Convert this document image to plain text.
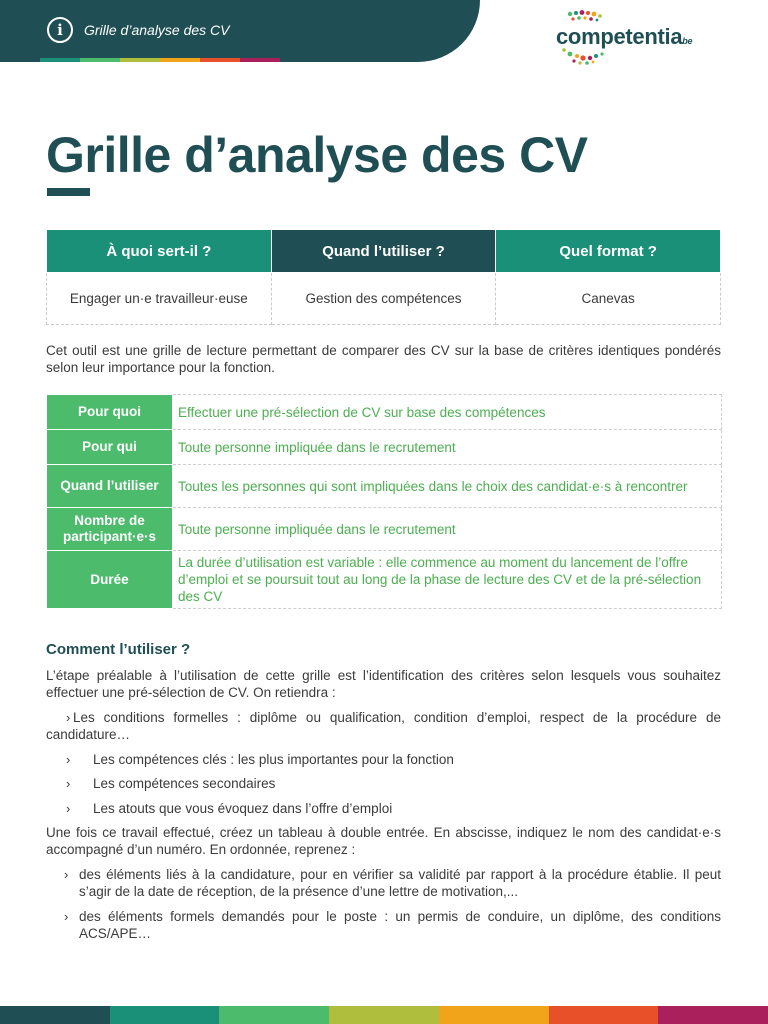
i	Grille d’analyse des CV	competentiabe
Grille d’analyse des CV
À quoi sert-il ?	Quand l’utiliser ?	Quel format ?
Engager un·e travailleur·euse	Gestion des compétences	Canevas

Cet outil est une grille de lecture permettant de comparer des CV sur la base de critères identiques pondérés selon leur importance pour la fonction.

Pour quoi	Effectuer une pré-sélection de CV sur base des compétences
Pour qui	Toute personne impliquée dans le recrutement
Quand l’utiliser	Toutes les personnes qui sont impliquées dans le choix des candidat·e·s à rencontrer
Nombre de participant·e·s	Toute personne impliquée dans le recrutement
Durée	La durée d’utilisation est variable : elle commence au moment du lancement de l’offre d’emploi et se poursuit tout au long de la phase de lecture des CV et de la pré-sélection des CV
Comment l’utiliser ?

L’étape préalable à l’utilisation de cette grille est l’identification des critères selon lesquels vous souhaitez effectuer une pré-sélection de CV. On retiendra :

› Les conditions formelles : diplôme ou qualification, condition d’emploi, respect de la procédure de candidature…
›	Les compétences clés : les plus importantes pour la fonction
›	Les compétences secondaires
›	Les atouts que vous évoquez dans l’offre d’emploi

Une fois ce travail effectué, créez un tableau à double entrée. En abscisse, indiquez le nom des candidat·e·s accompagné d’un numéro. En ordonnée, reprenez :

› des éléments liés à la candidature, pour en vérifier sa validité par rapport à la procédure établie. Il peut s’agir de la date de réception, de la présence d’une lettre de motivation,...
› des éléments formels demandés pour le poste : un permis de conduire, un diplôme, des conditions ACS/APE…
